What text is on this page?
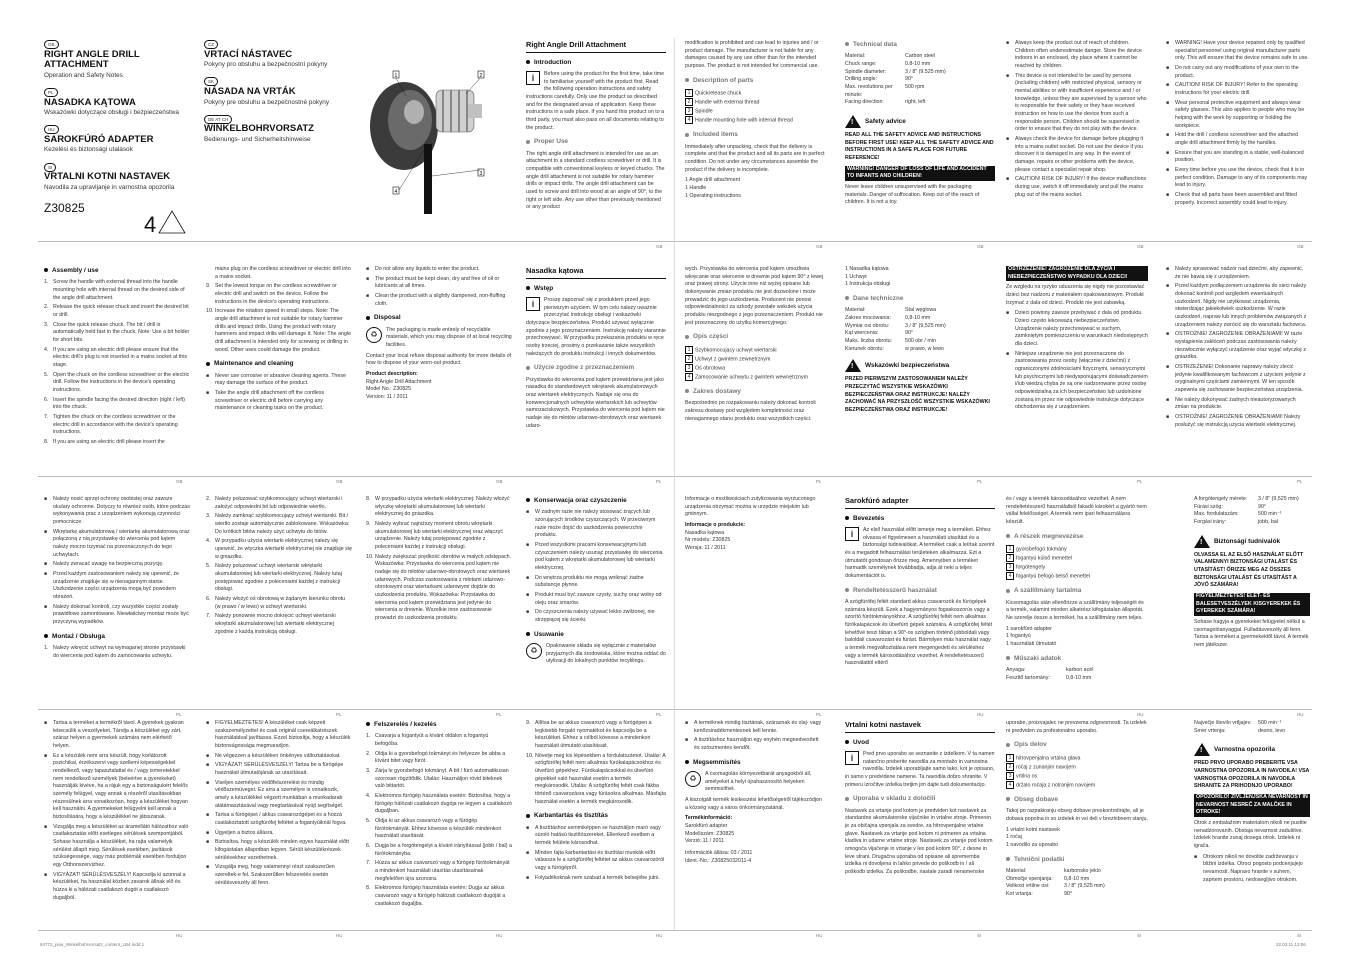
GB
RIGHT ANGLE DRILL ATTACHMENT
Operation and Safety Notes
PL
NASADKA KĄTOWA
Wskazówki dotyczące obsługi i bezpieczeństwa
HU
SAROKFÚRÓ ADAPTER
Kezelési és biztonsági utalások
SI
VRTALNI KOTNI NASTAVEK
Navodila za upravljanje in varnostna opozorila
Z30825
CZ
VRTACÍ NÁSTAVEC
Pokyny pro obsluhu a bezpečnostní pokyny
SK
NÁSADA NA VRTÁK
Pokyny pre obsluhu a bezpečnostné pokyny
DE AT CH
WINKELBOHRVORSATZ
Bedienungs- und Sicherheitshinweise
4
1	2
3
4
Right Angle Drill Attachment
Introduction
i	Before using the product for the first time, take time to familiarise yourself with the product first. Read the following operation instructions and safety instructions carefully. Only use the product as described and for the designated areas of application. Keep these instructions in a safe place. If you hand this product on to a third party, you must also pass on all documents relating to the product.
Proper Use
The right angle drill attachment is intended for use as an attachment to a standard cordless screwdriver or drill. It is compatible with conventional keyless or keyed chucks. The angle drill attachment is not suitable for rotary hammer drills or impact drills. The angle drill attachment can be used to screw and drill into wood at an angle of 90°, to the right or left side. Any use other than previously mentioned or any product
modification is prohibited and can lead to injuries and / or product damage. The manufacturer is not liable for any damages caused by any use other than for the intended purpose. The product is not intended for commercial use.
Description of parts
1 Quickrelease chuck
2 Handle with external thread
3 Spindle
4 Handle mounting hole with internal thread
Included items
Immediately after unpacking, check that the delivery is complete and that the product and all its parts are in perfect condition. Do not under any circumstances assemble the product if the delivery is incomplete.
1 Angle drill attachment
1 Handle
1 Operating instructions
Technical data
Material:	Carbon steel
Chuck range:	0.8-10 mm
Spindle diameter:	3 / 8" (9.525 mm)
Drilling angle:	90°
Max. revolutions per minute:
500 rpm
Facing direction:	right, left
! Safety advice
READ ALL THE SAFETY ADVICE AND INSTRUCTIONS BEFORE FIRST USE! KEEP ALL THE SAFETY ADVICE AND INSTRUCTIONS IN A SAFE PLACE FOR FUTURE REFERENCE!
WARNING! DANGER OF LOSS OF LIFE AND ACCIDENT TO INFANTS AND CHILDREN!
Never leave children unsupervised with the packaging materials. Danger of suffocation. Keep out of the reach of children. It is not a toy.
■ Always keep the product out of reach of children. Children often underestimate danger. Store the device indoors in an enclosed, dry place where it cannot be reached by children.
■ This device is not intended to be used by persons (including children) with restricted physical, sensory or mental abilities or with insufficient experience and / or knowledge, unless they are supervised by a person who is responsible for their safety or they have received instruction on how to use the device from such a responsible person. Children should be supervised in order to ensure that they do not play with the device.
■ Always check the device for damage before plugging it into a mains outlet socket. Do not use the device if you discover it is damaged in any way. In the event of damage, repairs or other problems with the device, please contact a specialist repair shop.
■ CAUTION! RISK OF INJURY! If the device malfunctions during use, switch it off immediately and pull the mains plug out of the mains socket.
■ WARNING! Have your device repaired only by qualified specialist personnel using original manufacturer parts only. This will ensure that the device remains safe to use.
■ Do not carry out any modifications of your own to the product.
■ CAUTION! RISK OF INJURY! Refer to the operating instructions for your electric drill.
■ Wear personal protective equipment and always wear safety glasses. This also applies to people who may be helping with the work by supporting or holding the workpiece.
■ Hold the drill / cordless screwdriver and the attached angle drill attachment firmly by the handles.
■ Ensure that you are standing in a stable, well-balanced position.
■ Every time before you use the device, check that it is in perfect condition. Damage to any of its components may lead to injury.
■ Check that all parts have been assembled and fitted properly. Incorrect assembly could lead to injury.
Assembly / use
1. Screw the handle with external thread into the handle mounting hole with internal thread on the desired side of the angle drill attachment.
2. Release the quick release chuck and insert the desired bit or drill.
3. Close the quick release chuck. The bit / drill is automatically held fast in the chuck. Note: Use a bit holder for short bits.
4. If you are using an electric drill please ensure that the electric drill's plug is not inserted in a mains socket at this stage.
5. Open the chuck on the cordless screwdriver or the electric drill. Follow the instructions in the device's operating instructions.
6. Insert the spindle facing the desired direction (right / left) into the chuck.
7. Tighten the chuck on the cordless screwdriver or the electric drill in accordance with the device's operating instructions.
8. If you are using an electric drill please insert the
mains plug on the cordless screwdriver or electric drill into a mains socket.
9. Set the lowest torque on the cordless screwdriver or electric drill and switch on the device. Follow the instructions in the device's operating instructions.
10. Increase the rotation speed in small steps. Note: The angle drill attachment is not suitable for rotary hammer drills and impact drills. Using the product with rotary hammers and impact drills will damage it. Note: The angle drill attachment is intended only for screwing or drilling in wood. Other uses could damage the product.
Maintenance and cleaning
■ Never use corrosive or abrasive cleaning agents. These may damage the surface of the product.
■ Take the angle drill attachment off the cordless screwdriver or electric drill before carrying any maintenance or cleaning tasks on the product.
■ Do not allow any liquids to enter the product.
■ The product must be kept clean, dry and free of oil or lubricants at all times.
■ Clean the product with a slightly dampened, non-fluffing cloth.
Disposal
♻	The packaging is made entirely of recyclable materials, which you may dispose of at local recycling facilities.
Contact your local refuse disposal authority for more details of how to dispose of your worn-out product.
Product description:
Right Angle Drill Attachment
Model No.: Z30825
Version: 11 / 2011
Nasadka kątowa
Wstęp
i	Proszę zapoznać się z produktem przed jego pierwszym użyciem. W tym celu należy uważnie przeczytać instrukcję obsługi i wskazówki dotyczące bezpieczeństwa. Produkt używać wyłącznie zgodnie z jego przeznaczeniem. Instrukcję należy starannie przechowywać. W przypadku przekazania produktu w ręce osoby trzeciej, prosimy o przekazanie także wszystkich należących do produktu instrukcji i innych dokumentów.
Użycie zgodne z przeznaczeniem
Przystawka do wiercenia pod kątem przewidziana jest jako nasadka do standardowych wkrętarek akumulatorowych oraz wiertarek elektrycznych. Nadaje się ona do konwencjonalnych uchwytów wiertarskich lub uchwytów samozaciskowych. Przystawka do wiercenia pod kątem nie nadaje się do młotów udarowo-obrotowych oraz wiertarek udaro-
wych. Przystawka do wiercenia pod kątem umożliwia wkręcanie oraz wiercenie w drewnie pod kątem 90° z lewej oraz prawej strony. Użycie inne niż wyżej opisane lub dokonywanie zmian produktu nie jest dozwolone i może prowadzić do jego uszkodzenia. Producent nie ponosi odpowiedzialności za szkody powstałe wskutek użycia produktu niezgodnego z jego przeznaczeniem. Produkt nie jest przeznaczony do użytku komercyjnego.
Opis części
1 Szybkomocujący uchwyt wiertarski
2 Uchwyt z gwintem zewnętrznym
3 Oś obrotowa
4 Zamocowanie uchwytu z gwintem wewnętrznym
Zakres dostawy
Bezpośrednio po rozpakowaniu należy dokonać kontroli zakresu dostawy pod względem kompletności oraz nienagannego stanu produktu oraz wszystkich części.
1 Nasadka kątowa
1 Uchwyt
1 Instrukcja obsługi
Dane techniczne
Materiał:	Stal węglowa
Zakres mocowania:	0,8-10 mm
Wymiar osi obrotu:	3 / 8" (9,525 mm)
Kąt wiercenia:	90°
Maks. liczba obrotu:	500 obr / min
Kierunek obrotu:	w prawo, w lewo
! Wskazówki bezpieczeństwa
PRZED PIERWSZYM ZASTOSOWANIEM NALEŻY PRZECZYTAĆ WSZYSTKIE WSKAZÓWKI BEZPIECZEŃSTWA ORAZ INSTRUKCJE! NALEŻY ZACHOWAĆ NA PRZYSZŁOŚĆ WSZYSTKIE WSKAZÓWKI BEZPIECZEŃSTWA ORAZ INSTRUKCJE!
OSTRZEŻENIE! ZAGROŻENIE DLA ŻYCIA I NIEBEZPIECZEŃSTWO WYPADKU DLA DZIECI!
Ze względu na ryzyko uduszenia się nigdy nie pozostawiać dzieci bez nadzoru z materiałem opakowaniowym. Produkt trzymać z dala od dzieci. Produkt nie jest zabawką.
■ Dzieci powinny zawsze przebywać z dala od produktu. Dzieci często lekceważą niebezpieczeństwo. Urządzenie należy przechowywać w suchym, zamkniętym pomieszczeniu w warunkach niedostępnych dla dzieci.
■ Niniejsze urządzenie nie jest przeznaczone do zastosowania przez osoby (włącznie z dziećmi) z ograniczonymi zdolnościami fizycznymi, sensorycznymi lub psychicznymi lub niedysponującymi doświadczeniem i/lub wiedzą chyba że są one nadzorowane przez osobę odpowiedzialną za ich bezpieczeństwo lub uzdolnione zostaną im przez nie odpowiednie instrukcje dotyczące obchodzenia się z urządzeniem.
■ Należy sprawować nadzór nad dziećmi, aby zapewnić, że nie bawią się z urządzeniem.
■ Przed każdym podłączeniem urządzenia do sieci należy dokonać kontroli pod względem ewentualnych uszkodzeń. Nigdy nie użytkować urządzenia, stwierdzając jakiekolwiek uszkodzenie. W razie uszkodzeń, napraw lub innych problemów związanych z urządzeniem należy zwrócić się do warsztatu fachowca.
■ OSTROŻNIE! ZAGROŻENIE OBRAŻENIAMI! W razie wystąpienia zakłóceń podczas zastosowania należy niezwłocznie wyłączyć urządzenie oraz wyjąć wtyczkę z gniazdka.
■ OSTRZEŻENIE! Dokonanie naprawy należy zlecić jedynie kwalifikowanym fachowcom z użyciem jedynie z oryginalnymi częściami zamiennymi. W ten sposób zapewnia się zachowanie bezpieczeństwa urządzenia.
■ Nie należy dokonywać żadnych nieautoryzowanych zmian na produkcie.
■ OSTROŻNIE! ZAGROŻENIE OBRAŻENIAMI! Należy posłużyć się instrukcją użycia wiertarki elektrycznej.
■ Należy nosić sprzęt ochrony osobistej oraz zawsze okulary ochronne. Dotyczy to również osób, które podczas wykonywania prac z urządzeniem wykonują czynności pomocnicze.
■ Wkrętarkę akumulatorową / wiertarkę akumulatorową oraz połączoną z nią przystawkę do wiercenia pod kątem należy mocno trzymać na przeznaczonych do tego uchwytach.
■ Należy zwracać uwagę na bezpieczną pozycję.
■ Przed każdym zastosowaniem należy się upewnić, że urządzenie znajduje się w nienagannym stanie. Uszkodzenie części urządzenia mogą być powodem obrażeń.
■ Należy dokonać kontroli, czy wszystkie części zostały prawidłowo zamontowane. Niewłaściwy montaż może być przyczyną wypadków.
Montaż / Obsługa
1. Należy wkręcić uchwyt na wymaganej stronie przystawki do wiercenia pod kątem do zamocowania uchwytu.
2. Należy poluzować szybkomocujący uchwyt wiertarski i założyć odpowiedni bit lub odpowiednie wiertło.
3. Należy zamknąć szybkomocujący uchwyt wiertarski. Bit / wiertło zostaje automatycznie zablokowane. Wskazówka: Do krótkich bitów należy użyć uchwytu do bitów.
4. W przypadku użycia wiertarki elektrycznej należy się upewnić, że wtyczka wiertarki elektrycznej nie znajduje się w gniazdku.
5. Należy poluzować uchwyt wiertarski wkrętarki akumulatorowej lub wiertarki elektrycznej. Należy tutaj postępować zgodnie z poleceniami każdej z instrukcji obsługi.
6. Należy włożyć oś obrotową w żądanym kierunku obrotu (w prawo / w lewo) w uchwyt wiertarski.
7. Należy ponownie mocno dokręcić uchwyt wiertarski wkrętarki akumulatorowej lub wiertarki elektrycznej zgodnie z każdą instrukcją obsługi.
8. W przypadku użycia wiertarki elektrycznej: Należy włożyć wtyczkę wkrętarki akumulatorowej lub wiertarki elektrycznej do gniazdka.
9. Należy wybrać najniższy moment obrotu wkrętarki akumulatorowej lub wiertarki elektrycznej oraz włączyć urządzenie. Należy tutaj postępować zgodnie z poleceniami każdej z instrukcji obsługi.
10. Należy zwiększać prędkość obrotów w małych odstępach. Wskazówka: Przystawka do wiercenia pod kątem nie nadaje się do młotów udarowo-obrotowych oraz wiertarek udarowych. Podczas zastosowania z młotami udarowo-obrotowymi oraz wiertarkami udarowymi dojdzie do uszkodzenia produktu. Wskazówka: Przystawka do wiercenia pod kątem przewidziana jest jedynie do wiercenia w drewnie. Wszelkie inne zastosowanie prowadzi do uszkodzenia produktu.
Konserwacja oraz czyszczenie
■ W żadnym razie nie należy stosować żrących lub szorujących środków czyszczących. W przeciwnym razie może dojść do uszkodzenia powierzchni produktu.
■ Przed wszystkimi pracami konserwacyjnymi lub czyszczeniem należy usunąć przystawkę do wiercenia pod kątem z wkrętarki akumulatorowej lub wiertarki elektrycznej.
■ Do wnętrza produktu nie mogą wniknąć żadne substancje płynne.
■ Produkt musi być zawsze czysty, suchy oraz wolny od oleju oraz smarów.
■ Do czyszczenia należy używać lekko zwilżonej, nie strzępiącej się ścierki.
Usuwanie
♻	Opakowanie składa się wyłącznie z materiałów przyjaznych dla środowiska, które można oddać do utylizacji do lokalnych punktów recyklingu.
Informacje o możliwościach zutylizowania wyrzuconego urządzenia otrzymać można w urzędzie miejskim lub gminnym.
Informacje o produkcie:
Nasadka kątowa
Nr modelu: Z30825
Wersja: 11 / 2011
Sarokfúró adapter
Bevezetés
i	Az első használat előtt ismerje meg a terméket. Ehhez olvassa el figyelmesen a használati utasítást és a biztonsági tudnivalókat. A terméket csak a leírtak szerint és a megadott felhasználási területeken alkalmazza. Ezt a útmutatót gondosan őrizze meg. Amennyiben a terméket harmadik személynek továbbadja, adja át neki a teljes dokumentációt is.
Rendeltetésszerű használat
A szögfúrófej feltét standard akkus csavarozók és fúrógépek számára készült. Ezek a hagyományos fogaskoszorús vagy a szorító fúrótokmányokhoz. A szögfúrófej feltét nem alkalmas fúrókalapácsok és ütvefúró gépek számára. A szögfúrófej feltét lehetővé teszi fában a 90°-os szögben történő jobboldali vagy baloldali csavarozást és fúrást. Bármilyen más használat vagy a termék megváltoztatása nem megengedett és sérüléshez vagy a termék károsodásához vezethet. A rendeltetésszerű használattól eltérő
és / vagy a termék károsodásához vezethet. A nem rendeltetésszerű használatból fakadó károkért a gyártó nem vállal felelősséget. A termék nem ipari felhasználásra készült.
A részek megnevezése
1 gyorsbefogó tokmány
2 fogantyú külső menettel
3 forgótengely
4 fogantyú befogó belső menettel
A szállítmány tartalma
Kicsomagolás után ellenőrizze a szállítmány teljességét és a termék, valamint minden alkatrész kifogástalan állapotát. Ne szerelje össze a terméket, ha a szállítmány nem teljes.
1 sarokfúró adapter
1 fogantyú
1 használati útmutató
Műszaki adatok
Anyaga:	karbon acél
Feszítő tartomány:	0,8-10 mm
A forgótengely mérete:	3 / 8" (9,525 mm)
Fúrási szög:	90°
Max. fordulatszám:	500 min⁻¹
Forgási irány:	jobb, bal
! Biztonsági tudnivalók
OLVASSA EL AZ ELSŐ HASZNÁLAT ELŐTT VALAMENNYI BIZTONSÁGI UTALÁST ÉS UTASÍTÁST! ŐRIZZE MEG AZ ÖSSZES BIZTONSÁGI UTALÁST ÉS UTASÍTÁST A JÖVŐ SZÁMÁRA!
FIGYELMEZTETÉS! ÉLET- ÉS BALESETVESZÉLYEK KISGYEREKEK ÉS GYEREKEK SZÁMÁRA!
Sohase hagyja a gyerekeket felügyelet nélkül a csomagolóanyaggal. Fulladásveszély áll fenn. Tartsa a terméket a gyermekektől távol. A termék nem játékszer.
■ Tartsa a terméket a termékről távol. A gyerekek gyakran lebecsülik a veszélyeket. Tárolja a készüléket egy zárt, száraz helyen a gyermekek számára nem elérhető helyen.
■ Ez a készülék nem arra készült, hogy korlátozott pszichikai, érzékszervi vagy szellemi képességekkel rendelkező, vagy tapasztalattal és / vagy ismeretekkel nem rendelkező személyek (beleértve a gyerekeket) használják kivéve, ha a rájuk egy a biztonságukért felelős személy felügyel, vagy annak a részéről utasításokban részesülnek arra vonatkozóan, hogy a készüléket hogyan kell használni. A gyermekeket felügyelni kell annak a biztosítására, hogy a készülékkel ne játsszanak.
■ Vizsgálja meg a készüléket az áramellátó hálózathoz való csatlakoztatás előtt esetleges sérülések szempontjából. Sohase használja a készüléket, ha rajta valamelyik sérülést állapít meg. Sérülések esetében, javítások szükségessége, vagy más problémák esetében forduljon egy Otthonszervizhez.
■ VIGYÁZAT! SÉRÜLÉSVESZÉLY! Kapcsolja ki azonnal a készüléket, ha használat közben zavarok állnak elő és húzza ki a hálózati csatlakozó dugót a csatlakozó dugaljból.
■ FIGYELMEZTETÉS! A készüléket csak képzett szakszemélyzettel és csak originál csereálkatrészek használatával javíttassa. Ezzel biztosítja, hogy a készülék biztonságossága megmaradjon.
■ Ne végezzen a készüléken önkényes változtatásokat.
■ VIGYÁZAT! SÉRÜLÉSVESZÉLY! Tartsa be a fúrógépe használati útmutatójának az utasításait.
■ Viseljen személyes védőfelszerelést és mindig védőszemüveget. Ez arra a személyre is vonatkozik, amely a készülékkel végzett munkában a munkadarab alátámasztásával vagy megtartásával nyújt segítséget.
■ Tartsa a fúrógépet / akkus csavarozógépet és a hozzá csatlakoztatott szögfúrófej feltétet a fogantyúiknál fogva.
■ Ügyeljen a biztos állásra.
■ Biztosítsa, hogy a készülék minden egyes használat előtt kifogástalan állapotban legyen. Sérült készülékrészek sérülésekhez vezethetnek.
■ Vizsgálja meg, hogy valamennyi részt szakszerűen szereltek-e fel. Szakszerűtlen felszerelés esetén sérülésveszély áll fenn.
Felszerelés / kezelés
1. Csavarja a fogantyút a kívánt oldalon a fogantyú befogóba.
2. Oldja ki a gyorsbefogó tokmányt és helyezze be abba a kívánt bitet vagy fúrót.
3. Zárja le gyorsbefogó tokmányt. A bit / fúró automatikusan szorosan rögzítődik. Utalás: Használjon rövid biteknek való bittartót.
4. Elektromos fúrógép használata esetén: Biztosítsa, hogy a fúrógép hálózati csatlakozó dugója ne legyen a csatlakozó dugaljban.
5. Oldja ki az akkus csavarozó vagy a fúrógép fúrótokmányát. Ehhez kövesse a készülék mindenkori használati utasítását.
6. Dugja be a forgótengelyt a kívánt irányítással (jobb / bal) a fúrótokmányba.
7. Húzza az akkus csavarozó vagy a fúrógép fúrótokmányát a mindenkori használati utasítás utasításainak megfelelően újra szorosra.
8. Elektromos fúrógép használata esetén: Dugja az akkus csavarozó vagy a fúrógép hálózati csatlakozó dugóját a csatlakozó dugaljba.
9. Állítsa be az akkus csavarozó vagy a fúrógépen a legkisebb forgató nyomatékot és kapcsolja be a készüléket. Ehhez a célból kövesse a mindenkori használati útmutató utasításait.
10. Növelje meg kis lépésekben a fordulatszámot. Utalás: A szögfúrófej feltét nem alkalmas fúrókalapácsokhoz és ütvefúró gépekhez. Fúrókalapácsokkal és ütvefúró gépekkel való használat esetén a termék megkárosodik. Utalás: A szögfúrófej feltét csak fákba történő csavarozásra vagy fúrásokra alkalmas. Másfajta használat esetén a termék megkárosodik.
Karbantartás és tisztítás
■ A tisztításhoz semmiképpen se használjon maró vagy súroló hatású tisztítószereket. Ellenkező esetben a termék felülete károsodhat.
■ Minden fajta karbantartási és tisztítási munkák előtt válassza le a szögfúrófej feltétet az akkus csavarozóról vagy a fúrógépről.
■ Folyadékoknak nem szabad a termék belsejébe jutni.
■ A terméknek mindig tisztának, száraznak és olaj- vagy kenőzsiradékmentesnek kell lennie.
■ A tisztításhoz használjon egy enyhén megnedvesített és szöszmentes kendőt.
Megsemmisítés
♻	A csomagolás környezetbarát anyagokból áll, amelyeket a helyi újrahasznosító helyeken semmisíthet.
A kiszolgált termék lesikeszési lehetőségeiről tájékozódjon a község vagy a város önkormányzatánál.
Termékinformáció:
Sarokfúró adapter
Modellszám: Z30825
Verzió: 11 / 2011
Információk állása: 03 / 2011
Ident.-No.: Z30825032011-4
Vrtalni kotni nastavek
Uvod
i	Pred prvo uporabo se seznanite z izdelkom. V ta namen natančno preberite navodila za montažo in varnostna navodila. Izdelek uporabljajte samo tako, kot je opisano, in samo v predvidene namene. Ta navodila dobro shranite. V primeru izročitve izdelka tretjim jim dajte tudi dokumentacijo.
Uporaba v skladu z določili
Nastavek za vrtanje pod kotom je predviden kot nastavek za standardne akumulatorske vijačnike in vrtalne stroje. Primeren je za običajna vpenjala za svedre, za hitrovpenjalne vrtalne glave. Nastavek za vrtanje pod kotom ni primeren za vrtalna kladiva in udarne vrtalne stroje. Nastavek za vrtanje pod kotom omogoča vijačenje in vrtanje v les pod kotom 90°, z desne in leve strani. Drugačna uporaba od opisane ali sprememba izdelka ni dovoljena in lahko privede do poškodb in / ali poškodb izdelka. Za poškodbe, nastale zaradi nenamenske
uporabe, proizvajalec ne prevzema odgovornosti. Ta izdelek ni predviden za profesionalno uporabo.
Opis delov
1 hitrovpenjalna vrtalna glava
2 ročaj z zunanjim navojem
3 vrtilna os
4 držalo ročaja z notranjim navojem
Obseg dobave
Takoj po razpakiranju obseg dobave preskontrolirajte, ali je dobava popolna in so izdelek in vsi deli v brezhibnem stanju.
1 vrtalni kotni nastavek
1 ročaj
1 navodilo za uporabo
Tehnični podatki
Material:	karbonsko jeklo
Območje vpenjanja:	0,8-10 mm
Velikost vrtilne osi:	3 / 8" (9,525 mm)
Kot vrtanja:	90°
Največje število vrtljajev:	500 min⁻¹
Smer vrtenja:	desno, levo
! Varnostna opozorila
PRED PRVO UPORABO PREBERITE VSA VARNOSTNA OPOZORILA IN NAVODILA! VSA VARNOSTNA OPOZORILA IN NAVODILA SHRANITE ZA PRIHODNJO UPORABO!
OPOZORILO! ŽIVLJENJSKA NEVARNOST IN NEVARNOST NESREČ ZA MALČKE IN OTROKE!
Otrok z embalažnim materialom nikoli ne pustite nenadzorovanih. Obstaja nevarnost zadušitve. Izdelek hranite zunaj dosega otrok. Izdelek ni igrača.
■ Otrokom nikoli ne dovolite zadrževanja v bližini izdelka. Otroci pogosto podcenjujejo nevarnosti. Napravo hranite v suhem, zaprtem prostoru, nedosegljivo otrokom.
GB	GB	GB	GB	GB
GB	GB	GB	PL	PL	PL	PL	PL
PL	PL	PL	PL	PL	HU	HU	HU
HU	HU	HU	HU	HU	SI	SI	SI
64772_pow_Winkelbohrvorsatz_content_LB4.indd 1	22.03.11 13:06
